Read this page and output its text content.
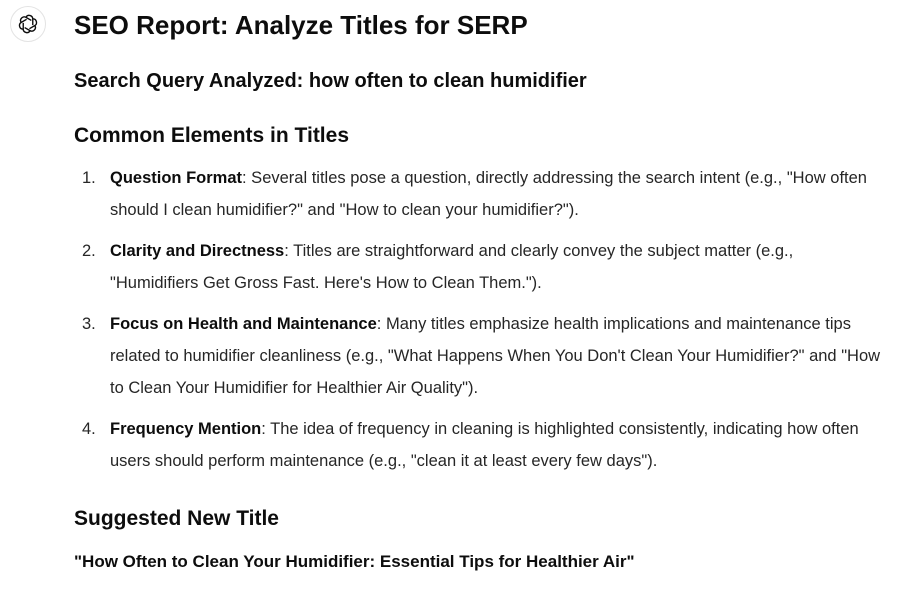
SEO Report: Analyze Titles for SERP
Search Query Analyzed: how often to clean humidifier
Common Elements in Titles
1. Question Format: Several titles pose a question, directly addressing the search intent (e.g., "How often should I clean humidifier?" and "How to clean your humidifier?").
2. Clarity and Directness: Titles are straightforward and clearly convey the subject matter (e.g., "Humidifiers Get Gross Fast. Here's How to Clean Them.").
3. Focus on Health and Maintenance: Many titles emphasize health implications and maintenance tips related to humidifier cleanliness (e.g., "What Happens When You Don't Clean Your Humidifier?" and "How to Clean Your Humidifier for Healthier Air Quality").
4. Frequency Mention: The idea of frequency in cleaning is highlighted consistently, indicating how often users should perform maintenance (e.g., "clean it at least every few days").
Suggested New Title

"How Often to Clean Your Humidifier: Essential Tips for Healthier Air"
